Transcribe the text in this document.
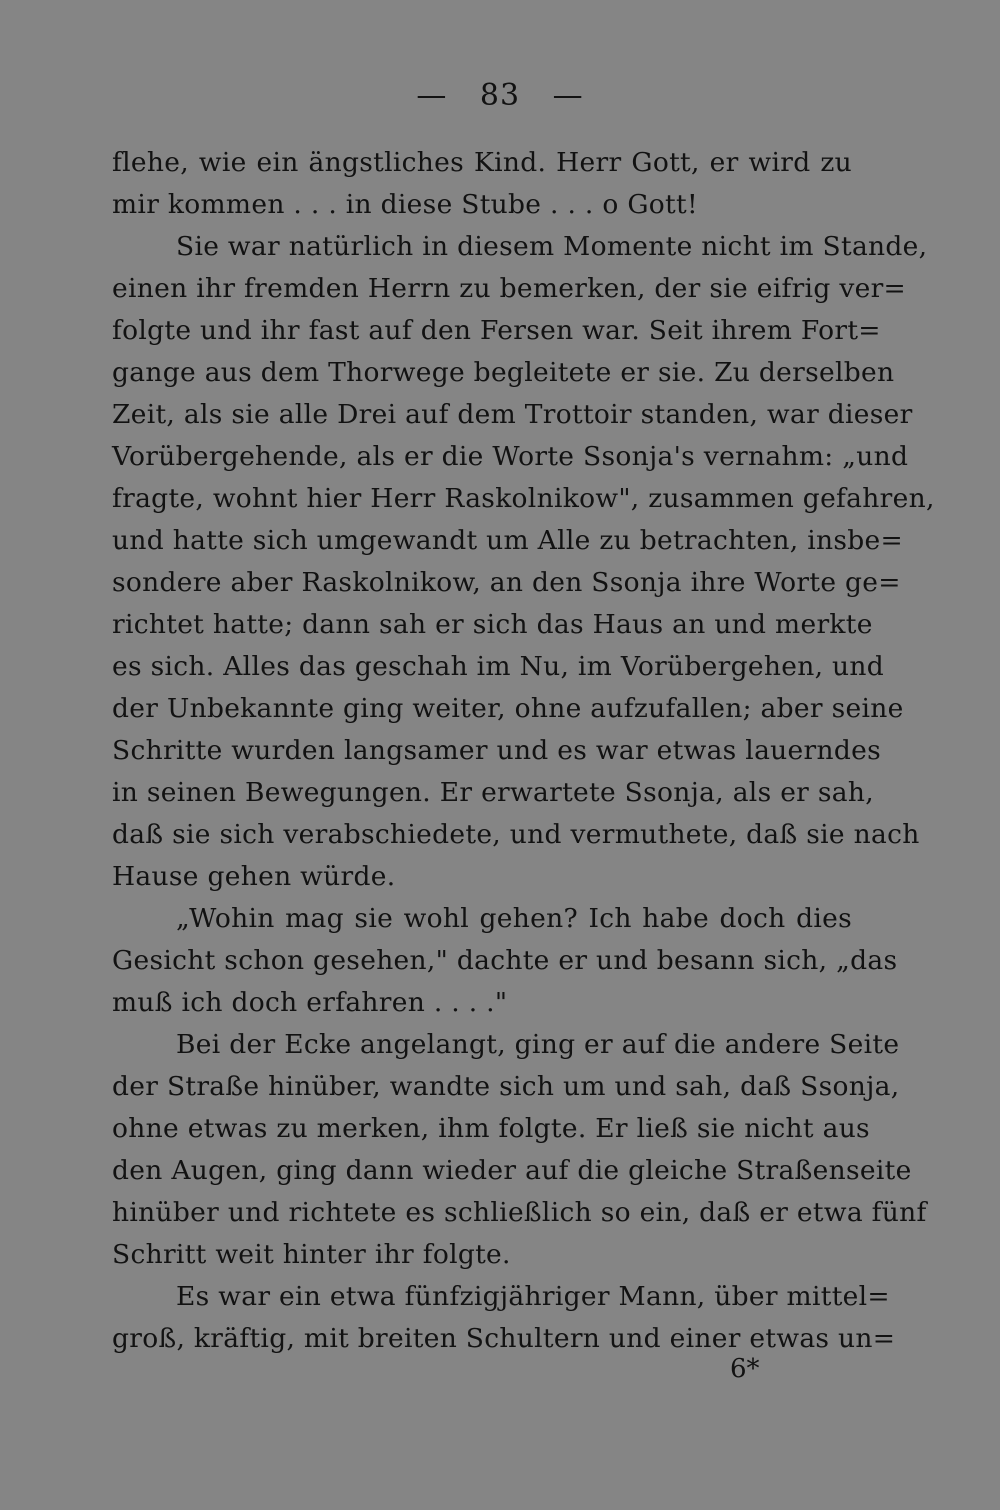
— 83 —
flehe, wie ein ängstliches Kind. Herr Gott, er wird zu
mir kommen . . . in diese Stube . . . o Gott!
Sie war natürlich in diesem Momente nicht im Stande,
einen ihr fremden Herrn zu bemerken, der sie eifrig ver=
folgte und ihr fast auf den Fersen war. Seit ihrem Fort=
gange aus dem Thorwege begleitete er sie. Zu derselben
Zeit, als sie alle Drei auf dem Trottoir standen, war dieser
Vorübergehende, als er die Worte Ssonja's vernahm: „und
fragte, wohnt hier Herr Raskolnikow", zusammen gefahren,
und hatte sich umgewandt um Alle zu betrachten, insbe=
sondere aber Raskolnikow, an den Ssonja ihre Worte ge=
richtet hatte; dann sah er sich das Haus an und merkte
es sich. Alles das geschah im Nu, im Vorübergehen, und
der Unbekannte ging weiter, ohne aufzufallen; aber seine
Schritte wurden langsamer und es war etwas lauerndes
in seinen Bewegungen. Er erwartete Ssonja, als er sah,
daß sie sich verabschiedete, und vermuthete, daß sie nach
Hause gehen würde.
„Wohin mag sie wohl gehen? Ich habe doch dies
Gesicht schon gesehen," dachte er und besann sich, „das
muß ich doch erfahren . . . ."
Bei der Ecke angelangt, ging er auf die andere Seite
der Straße hinüber, wandte sich um und sah, daß Ssonja,
ohne etwas zu merken, ihm folgte. Er ließ sie nicht aus
den Augen, ging dann wieder auf die gleiche Straßenseite
hinüber und richtete es schließlich so ein, daß er etwa fünf
Schritt weit hinter ihr folgte.
Es war ein etwa fünfzigjähriger Mann, über mittel=
groß, kräftig, mit breiten Schultern und einer etwas un=
6*
